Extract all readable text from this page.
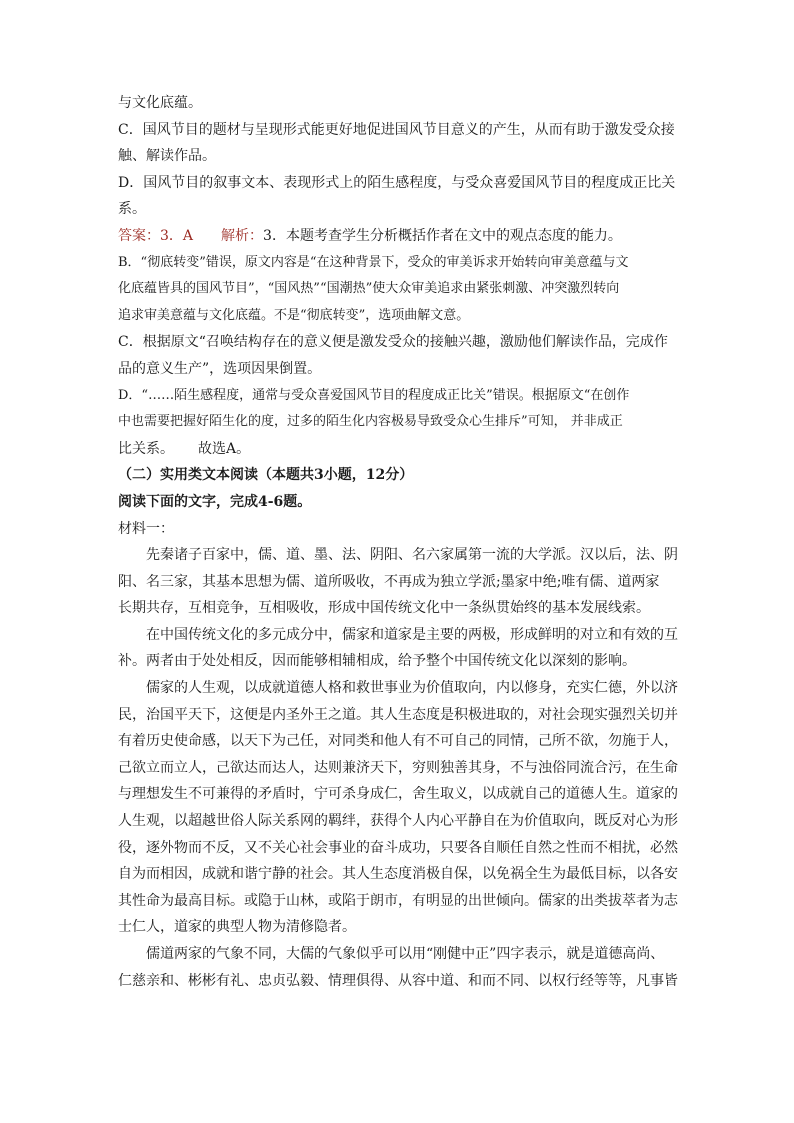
与文化底蕴。
C．国风节目的题材与呈现形式能更好地促进国风节目意义的产生，从而有助于激发受众接
触、解读作品。
D．国风节目的叙事文本、表现形式上的陌生感程度，与受众喜爱国风节目的程度成正比关
系。
答案：3．A 解析：3．本题考查学生分析概括作者在文中的观点态度的能力。
B．“彻底转变”错误，原文内容是“在这种背景下，受众的审美诉求开始转向审美意蕴与文
化底蕴皆具的国风节目”，“国风热”“国潮热”使大众审美追求由紧张刺激、冲突激烈转向
追求审美意蕴与文化底蕴。不是“彻底转变”，选项曲解文意。
C．根据原文“召唤结构存在的意义便是激发受众的接触兴趣，激励他们解读作品，完成作
品的意义生产”，选项因果倒置。
D．“……陌生感程度，通常与受众喜爱国风节目的程度成正比关”错误。根据原文“在创作
中也需要把握好陌生化的度，过多的陌生化内容极易导致受众心生排斥”可知， 并非成正
比关系。 故选A。
（二）实用类文本阅读（本题共3小题，12分）
阅读下面的文字，完成4-6题。
材料一：
先秦诸子百家中，儒、道、墨、法、阴阳、名六家属第一流的大学派。汉以后，法、阴
阳、名三家，其基本思想为儒、道所吸收，不再成为独立学派;墨家中绝;唯有儒、道两家
长期共存，互相竞争，互相吸收，形成中国传统文化中一条纵贯始终的基本发展线索。
在中国传统文化的多元成分中，儒家和道家是主要的两极，形成鲜明的对立和有效的互
补。两者由于处处相反，因而能够相辅相成，给予整个中国传统文化以深刻的影响。
儒家的人生观，以成就道德人格和救世事业为价值取向，内以修身，充实仁德，外以济
民，治国平天下，这便是内圣外王之道。其人生态度是积极进取的，对社会现实强烈关切并
有着历史使命感，以天下为己任，对同类和他人有不可自己的同情，己所不欲，勿施于人，
己欲立而立人，己欲达而达人，达则兼济天下，穷则独善其身，不与浊俗同流合污，在生命
与理想发生不可兼得的矛盾时，宁可杀身成仁，舍生取义，以成就自己的道德人生。道家的
人生观，以超越世俗人际关系网的羁绊，获得个人内心平静自在为价值取向，既反对心为形
役，逐外物而不反，又不关心社会事业的奋斗成功，只要各自顺任自然之性而不相扰，必然
自为而相因，成就和谐宁静的社会。其人生态度消极自保，以免祸全生为最低目标，以各安
其性命为最高目标。或隐于山林，或陷于朗市，有明显的出世倾向。儒家的出类拔萃者为志
士仁人，道家的典型人物为清修隐者。
儒道两家的气象不同，大儒的气象似乎可以用“刚健中正”四字表示，就是道德高尚、
仁慈亲和、彬彬有礼、忠贞弘毅、情理俱得、从容中道、和而不同、以权行经等等，凡事皆
